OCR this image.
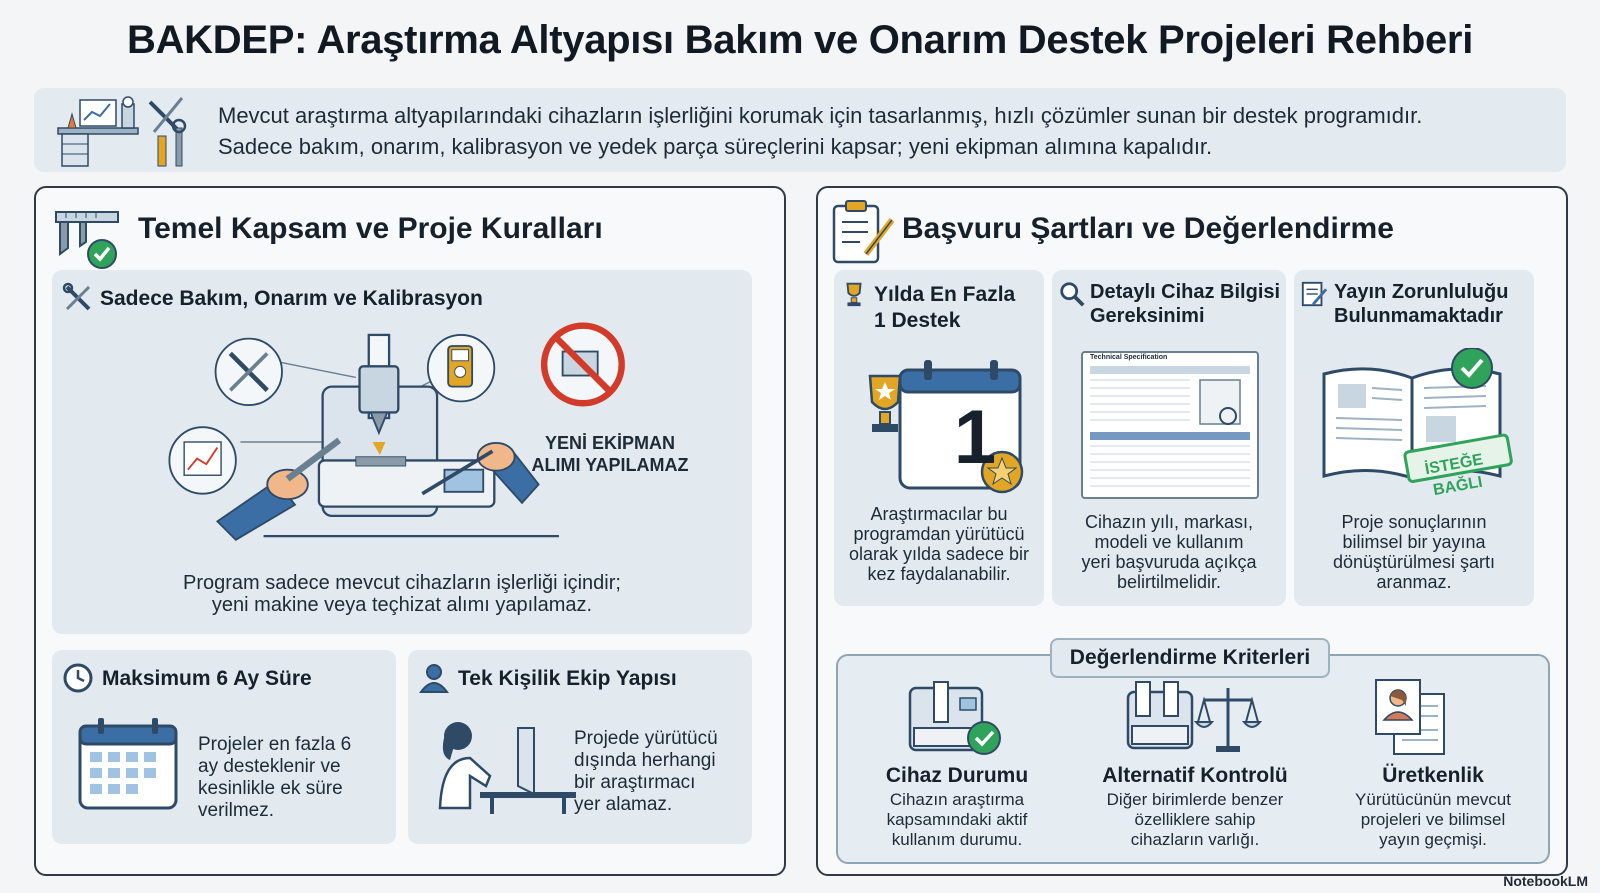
BAKDEP: Araştırma Altyapısı Bakım ve Onarım Destek Projeleri Rehberi
Mevcut araştırma altyapılarındaki cihazların işlerliğini korumak için tasarlanmış, hızlı çözümler sunan bir destek programıdır.
Sadece bakım, onarım, kalibrasyon ve yedek parça süreçlerini kapsar; yeni ekipman alımına kapalıdır.
Temel Kapsam ve Proje Kuralları
Sadece Bakım, Onarım ve Kalibrasyon
YENİ EKİPMAN
ALIMI YAPILAMAZ
Program sadece mevcut cihazların işlerliği içindir;
yeni makine veya teçhizat alımı yapılamaz.
Maksimum 6 Ay Süre
Projeler en fazla 6
ay desteklenir ve
kesinlikle ek süre
verilmez.
Tek Kişilik Ekip Yapısı
Projede yürütücü
dışında herhangi
bir araştırmacı
yer alamaz.
Başvuru Şartları ve Değerlendirme
Yılda En Fazla
1 Destek
1
Araştırmacılar bu
programdan yürütücü
olarak yılda sadece bir
kez faydalanabilir.
Detaylı Cihaz Bilgisi
Gereksinimi
Technical Specification
Cihazın yılı, markası,
modeli ve kullanım
yeri başvuruda açıkça
belirtilmelidir.
Yayın Zorunluluğu
Bulunmamaktadır
İSTEĞE BAĞLI
Proje sonuçlarının
bilimsel bir yayına
dönüştürülmesi şartı
aranmaz.
Değerlendirme Kriterleri
Cihaz Durumu
Cihazın araştırma
kapsamındaki aktif
kullanım durumu.
Alternatif Kontrolü
Diğer birimlerde benzer
özelliklere sahip
cihazların varlığı.
Üretkenlik
Yürütücünün mevcut
projeleri ve bilimsel
yayın geçmişi.
NotebookLM
